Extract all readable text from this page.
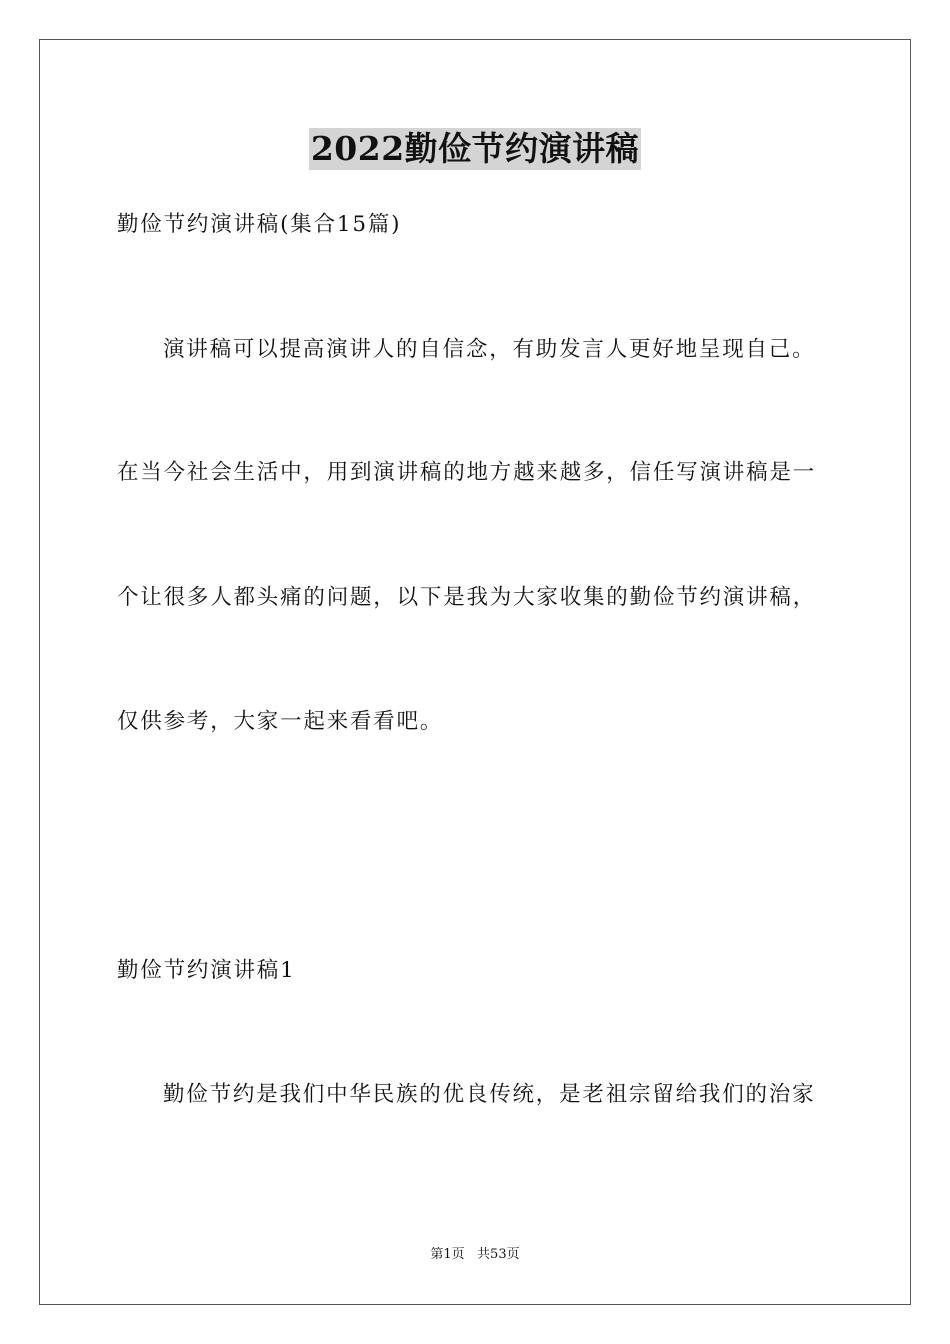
2022勤俭节约演讲稿
勤俭节约演讲稿(集合15篇)
演讲稿可以提高演讲人的自信念，有助发言人更好地呈现自己。
在当今社会生活中，用到演讲稿的地方越来越多，信任写演讲稿是一
个让很多人都头痛的问题，以下是我为大家收集的勤俭节约演讲稿，
仅供参考，大家一起来看看吧。
勤俭节约演讲稿1
勤俭节约是我们中华民族的优良传统，是老祖宗留给我们的治家
第1页   共53页
